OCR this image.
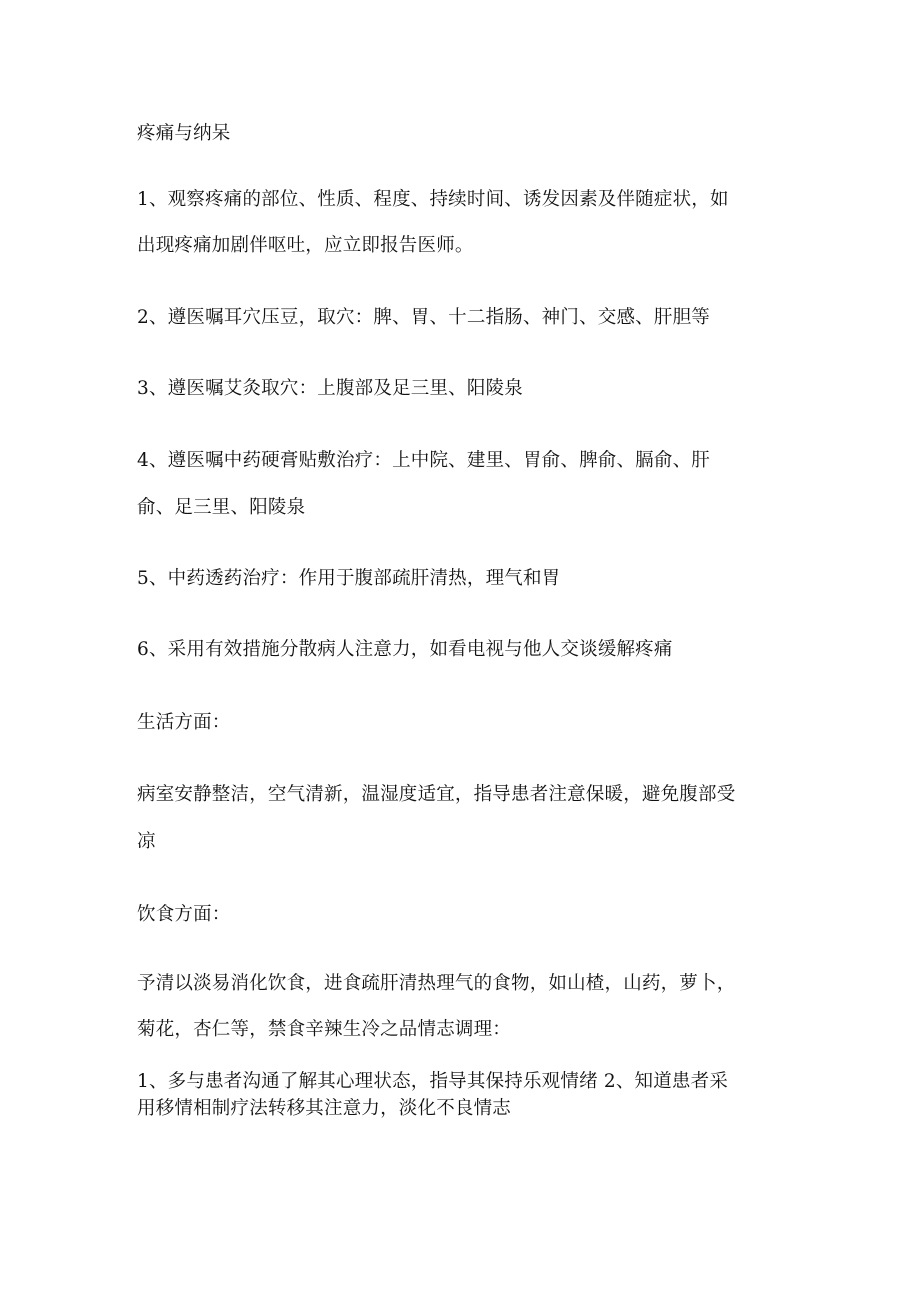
疼痛与纳呆
1、观察疼痛的部位、性质、程度、持续时间、诱发因素及伴随症状，如
出现疼痛加剧伴呕吐，应立即报告医师。
2、遵医嘱耳穴压豆，取穴：脾、胃、十二指肠、神门、交感、肝胆等
3、遵医嘱艾灸取穴：上腹部及足三里、阳陵泉
4、遵医嘱中药硬膏贴敷治疗：上中院、建里、胃俞、脾俞、膈俞、肝
俞、足三里、阳陵泉
5、中药透药治疗：作用于腹部疏肝清热，理气和胃
6、采用有效措施分散病人注意力，如看电视与他人交谈缓解疼痛
生活方面：
病室安静整洁，空气清新，温湿度适宜，指导患者注意保暖，避免腹部受
凉
饮食方面：
予清以淡易消化饮食，进食疏肝清热理气的食物，如山楂，山药，萝卜，
菊花，杏仁等，禁食辛辣生冷之品情志调理：
1、多与患者沟通了解其心理状态，指导其保持乐观情绪 2、知道患者采
用移情相制疗法转移其注意力，淡化不良情志
